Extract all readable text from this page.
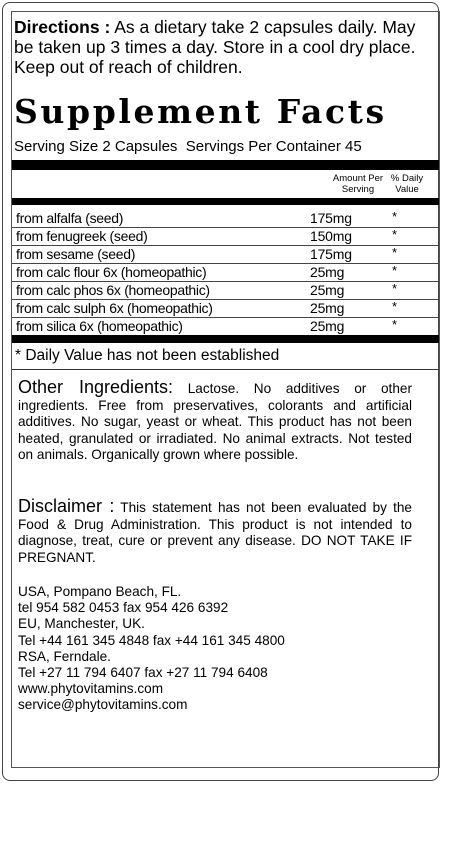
Directions : As a dietary take 2 capsules daily. May be taken up 3 times a day. Store in a cool dry place. Keep out of reach of children.
Supplement Facts
Serving Size 2 Capsules Servings Per Container 45
Amount Per
Serving
% Daily
Value
from alfalfa (seed)	175mg	*
from fenugreek (seed)	150mg	*
from sesame (seed)	175mg	*
from calc flour 6x (homeopathic)	25mg	*
from calc phos 6x (homeopathic)	25mg	*
from calc sulph 6x (homeopathic)	25mg	*
from silica 6x (homeopathic)	25mg	*
* Daily Value has not been established
Other Ingredients: Lactose. No additives or other ingredients. Free from preservatives, colorants and artificial additives. No sugar, yeast or wheat. This product has not been heated, granulated or irradiated. No animal extracts. Not tested on animals. Organically grown where possible.
Disclaimer : This statement has not been evaluated by the Food & Drug Administration. This product is not intended to diagnose, treat, cure or prevent any disease. DO NOT TAKE IF PREGNANT.
USA, Pompano Beach, FL.
tel 954 582 0453 fax 954 426 6392
EU, Manchester, UK.
Tel +44 161 345 4848 fax +44 161 345 4800
RSA, Ferndale.
Tel +27 11 794 6407 fax +27 11 794 6408
www.phytovitamins.com
service@phytovitamins.com
